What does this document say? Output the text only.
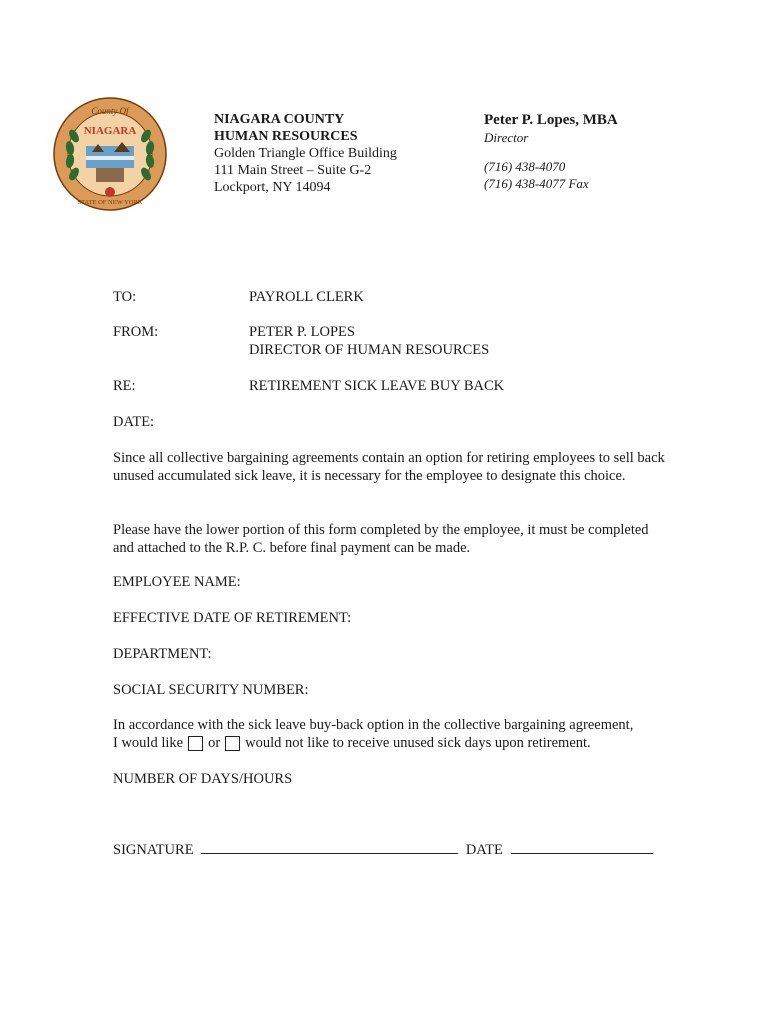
County Of
NIAGARA
STATE OF NEW YORK
NIAGARA COUNTY
HUMAN RESOURCES
Golden Triangle Office Building
111 Main Street – Suite G-2
Lockport, NY 14094
Peter P. Lopes, MBA
Director
(716) 438-4070
(716) 438-4077 Fax
TO:	PAYROLL CLERK
FROM:	PETER P. LOPES
DIRECTOR OF HUMAN RESOURCES
RE:	RETIREMENT SICK LEAVE BUY BACK
DATE:
Since all collective bargaining agreements contain an option for retiring employees to sell back unused accumulated sick leave, it is necessary for the employee to designate this choice.
Please have the lower portion of this form completed by the employee, it must be completed and attached to the R.P. C. before final payment can be made.
EMPLOYEE NAME:
EFFECTIVE DATE OF RETIREMENT:
DEPARTMENT:
SOCIAL SECURITY NUMBER:
In accordance with the sick leave buy-back option in the collective bargaining agreement,
I would like or would not like to receive unused sick days upon retirement.
NUMBER OF DAYS/HOURS
SIGNATURE	DATE
